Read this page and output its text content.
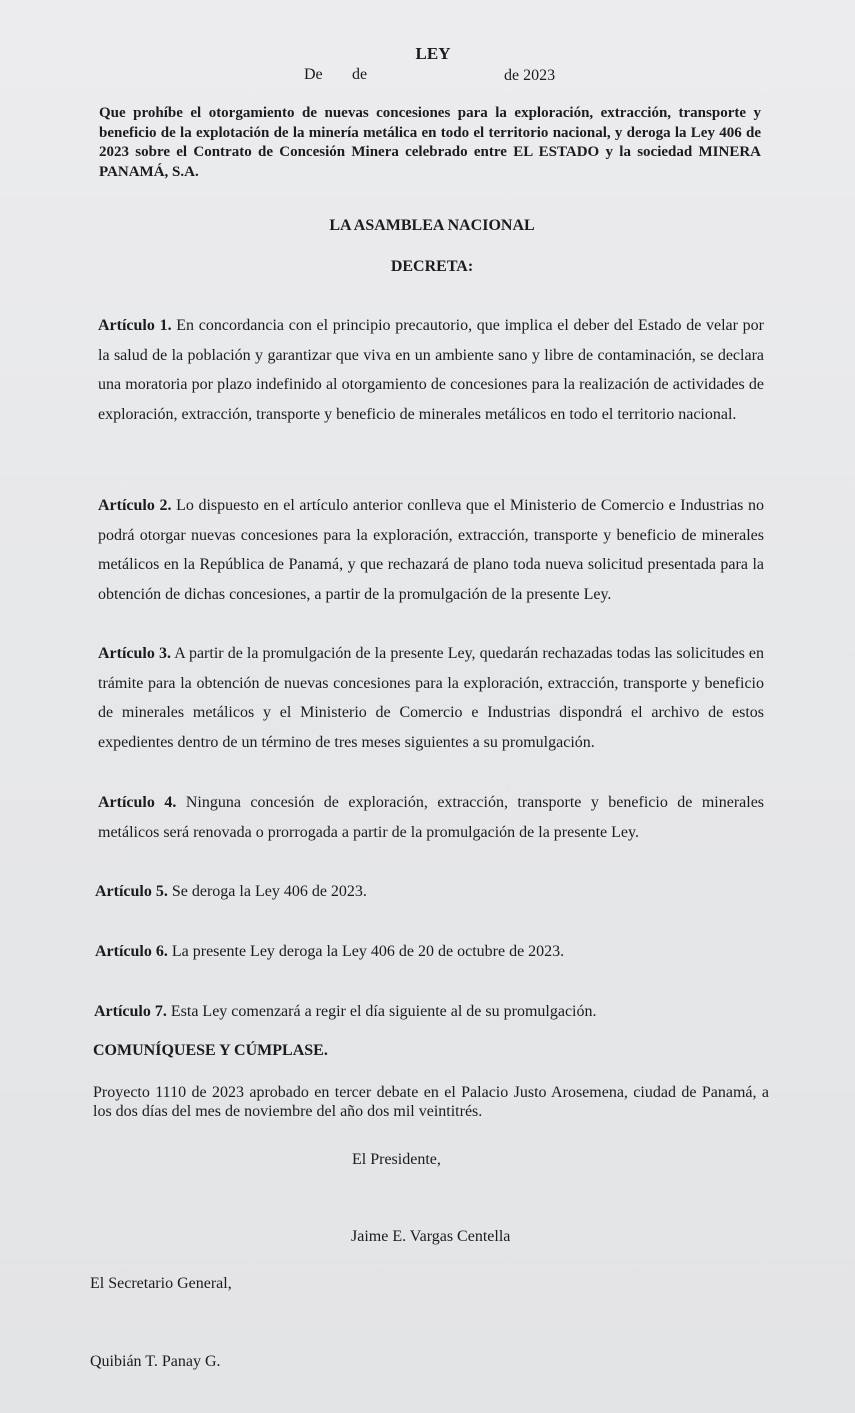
LEY
De de	de 2023
Que prohíbe el otorgamiento de nuevas concesiones para la exploración, extracción, transporte y beneficio de la explotación de la minería metálica en todo el territorio nacional, y deroga la Ley 406 de 2023 sobre el Contrato de Concesión Minera celebrado entre EL ESTADO y la sociedad MINERA PANAMÁ, S.A.
LA ASAMBLEA NACIONAL
DECRETA:
Artículo 1. En concordancia con el principio precautorio, que implica el deber del Estado de velar por la salud de la población y garantizar que viva en un ambiente sano y libre de contaminación, se declara una moratoria por plazo indefinido al otorgamiento de concesiones para la realización de actividades de exploración, extracción, transporte y beneficio de minerales metálicos en todo el territorio nacional.
Artículo 2. Lo dispuesto en el artículo anterior conlleva que el Ministerio de Comercio e Industrias no podrá otorgar nuevas concesiones para la exploración, extracción, transporte y beneficio de minerales metálicos en la República de Panamá, y que rechazará de plano toda nueva solicitud presentada para la obtención de dichas concesiones, a partir de la promulgación de la presente Ley.
Artículo 3. A partir de la promulgación de la presente Ley, quedarán rechazadas todas las solicitudes en trámite para la obtención de nuevas concesiones para la exploración, extracción, transporte y beneficio de minerales metálicos y el Ministerio de Comercio e Industrias dispondrá el archivo de estos expedientes dentro de un término de tres meses siguientes a su promulgación.
Artículo 4. Ninguna concesión de exploración, extracción, transporte y beneficio de minerales metálicos será renovada o prorrogada a partir de la promulgación de la presente Ley.
Artículo 5. Se deroga la Ley 406 de 2023.
Artículo 6. La presente Ley deroga la Ley 406 de 20 de octubre de 2023.
Artículo 7. Esta Ley comenzará a regir el día siguiente al de su promulgación.
COMUNÍQUESE Y CÚMPLASE.
Proyecto 1110 de 2023 aprobado en tercer debate en el Palacio Justo Arosemena, ciudad de Panamá, a los dos días del mes de noviembre del año dos mil veintitrés.
El Presidente,
Jaime E. Vargas Centella
El Secretario General,
Quibián T. Panay G.
